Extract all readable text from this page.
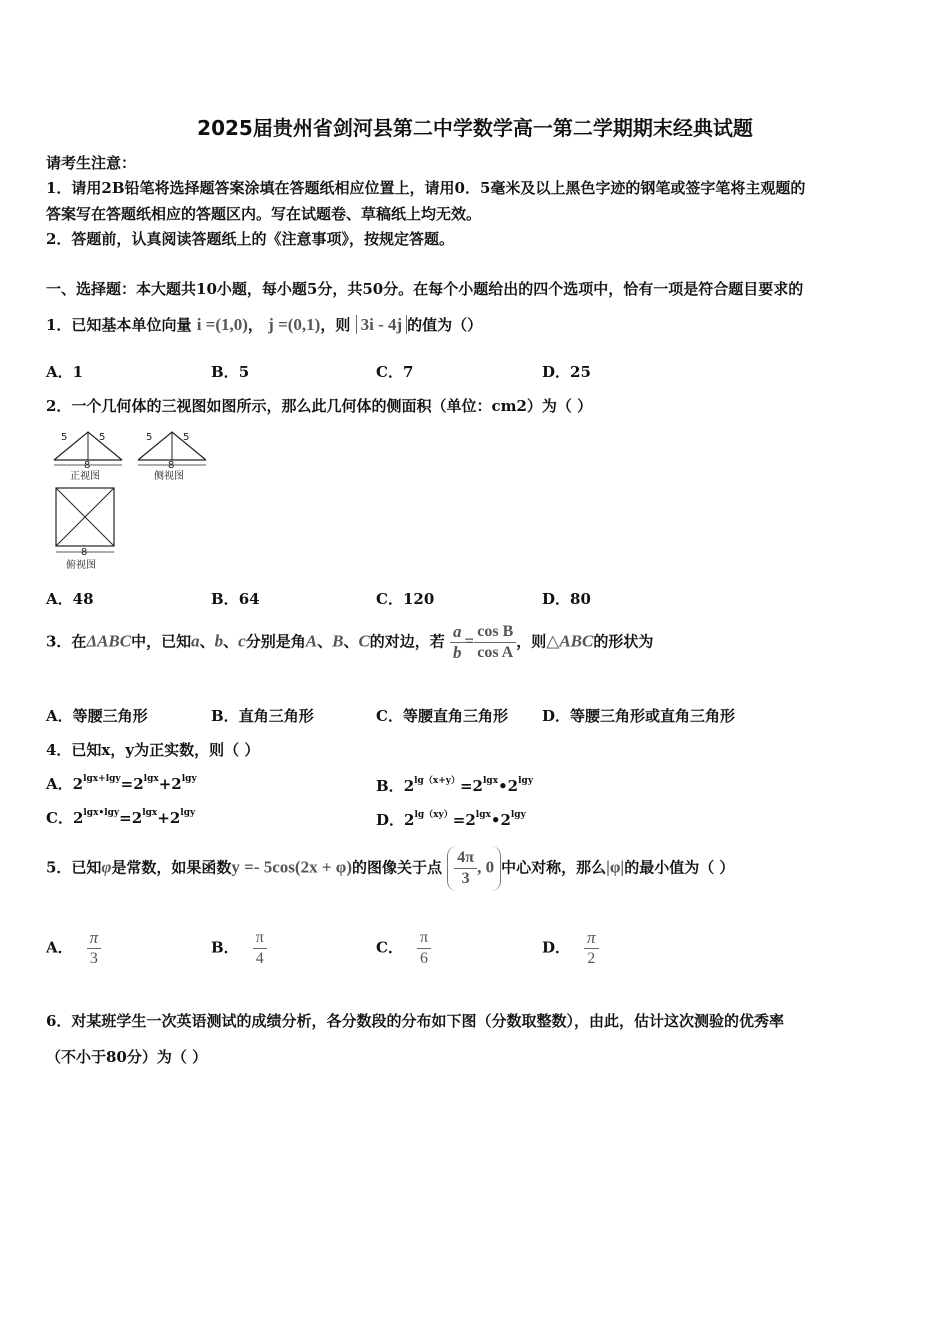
2025届贵州省剑河县第二中学数学高一第二学期期末经典试题
请考生注意：
1．请用2B铅笔将选择题答案涂填在答题纸相应位置上，请用0．5毫米及以上黑色字迹的钢笔或签字笔将主观题的
答案写在答题纸相应的答题区内。写在试题卷、草稿纸上均无效。
2．答题前，认真阅读答题纸上的《注意事项》，按规定答题。
一、选择题：本大题共10小题，每小题5分，共50分。在每个小题给出的四个选项中，恰有一项是符合题目要求的
1．已知基本单位向量 i =(1,0)， j =(0,1)，则 3i - 4j 的值为（）
A．1	B．5	C．7	D．25
2．一个几何体的三视图如图所示，那么此几何体的侧面积（单位：cm2）为（ ）
5	5
8
正视图
5	5
8
侧视图
8
俯视图
A．48	B．64	C．120	D．80
3．在ΔABC中，已知a、b、c分别是角A、B、C的对边，若 $\frac{a}{b} = \frac{\text{cos B}}{\text{cos A}}$ ，则△ABC的形状为
A．等腰三角形	B．直角三角形	C．等腰直角三角形 D．等腰三角形或直角三角形
4．已知x，y为正实数，则（ ）
A．$2^{lgx+lgy}=2^{lgx}+2^{lgy}$	B．$2^{lg(x+y)}=2^{lgx}•2^{lgy}$
C．$2^{lgx•lgy}=2^{lgx}+2^{lgy}$	D．$2^{lg(xy)}=2^{lgx}•2^{lgy}$
5．已知φ是常数，如果函数y =- 5cos(2x + φ)的图像关于点 $\frac{4\pi}{3}$ , 0 中心对称，那么|φ|的最小值为（ ）
A． $\frac{\pi}{3}$	B． $\frac{\pi}{4}$	C． $\frac{\pi}{6}$	D． $\frac{\pi}{2}$
6．对某班学生一次英语测试的成绩分析，各分数段的分布如下图（分数取整数），由此，估计这次测验的优秀率
（不小于80分）为（ ）
